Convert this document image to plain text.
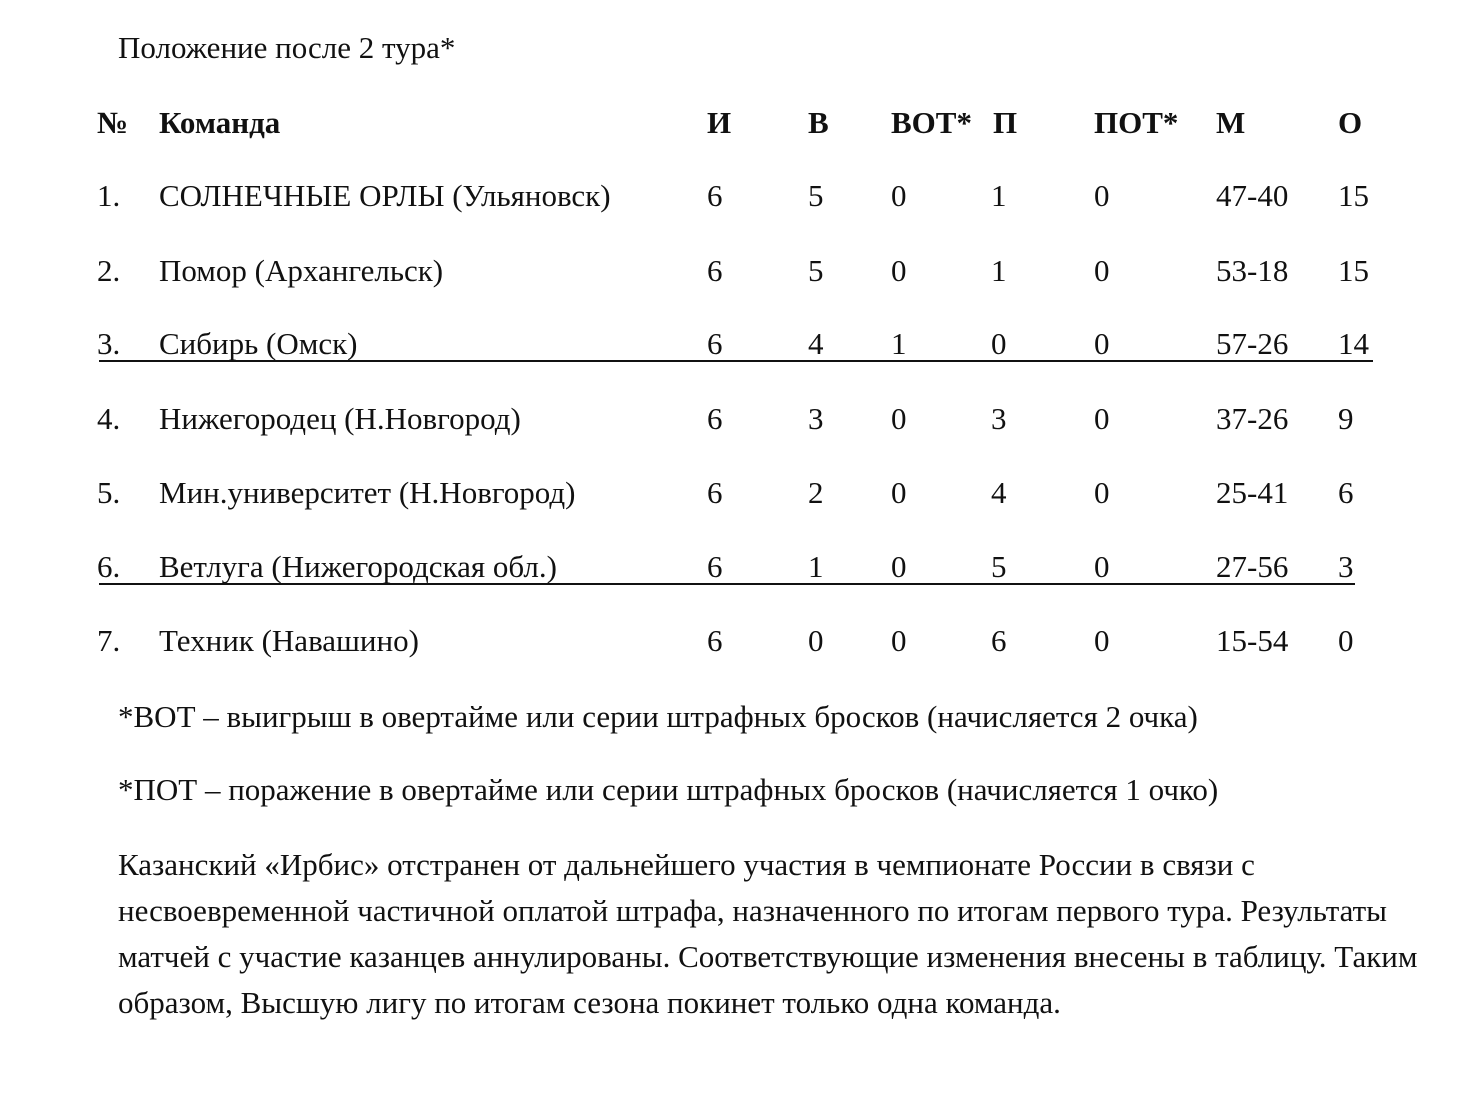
Положение после 2 тура*
№ Команда	И В ВОТ* П ПОТ* М	О
1. СОЛНЕЧНЫЕ ОРЛЫ (Ульяновск)	6	5 0	1	0	47-40 15
2. Помор (Архангельск)	6	5 0	1	0	53-18 15
3. Сибирь (Омск)	6	4 1	0	0	57-26 14
4. Нижегородец (Н.Новгород)	6	3 0	3	0	37-26 9
5. Мин.университет (Н.Новгород)	6	2 0	4	0	25-41 6
6. Ветлуга (Нижегородская обл.)	6	1 0	5	0	27-56 3
7. Техник (Навашино)	6	0 0	6	0	15-54 0
*ВОТ – выигрыш в овертайме или серии штрафных бросков (начисляется 2 очка)
*ПОТ – поражение в овертайме или серии штрафных бросков (начисляется 1 очко)
Казанский «Ирбис» отстранен от дальнейшего участия в чемпионате России в связи с несвоевременной частичной оплатой штрафа, назначенного по итогам первого тура. Результаты матчей с участие казанцев аннулированы. Соответствующие изменения внесены в таблицу. Таким образом, Высшую лигу по итогам сезона покинет только одна команда.
